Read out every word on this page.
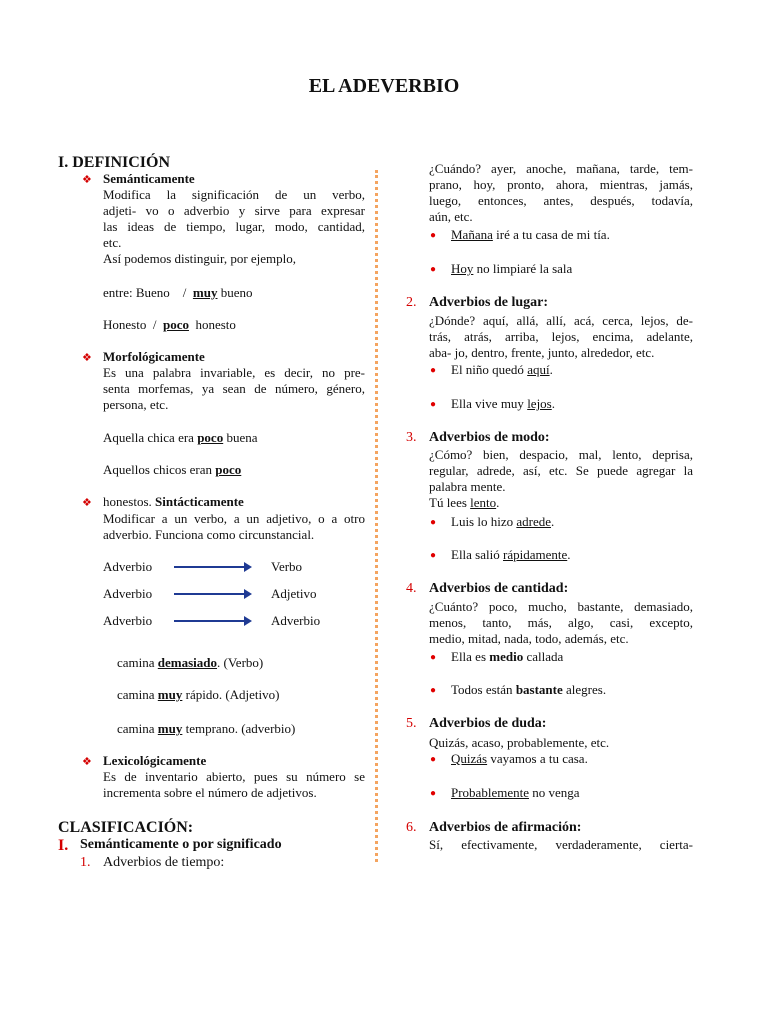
EL ADEVERBIO
I. DEFINICIÓN
❖ Semánticamente
Modifica la significación de un verbo,
adjeti- vo o adverbio y sirve para expresar
las ideas de tiempo, lugar, modo, cantidad,
etc.
Así podemos distinguir, por ejemplo,
entre: Bueno / muy bueno
Honesto / poco honesto
❖ Morfológicamente
Es una palabra invariable, es decir, no pre-
senta morfemas, ya sean de número, género,
persona, etc.
Aquella chica era poco buena
Aquellos chicos eran poco
❖ honestos. Sintácticamente
Modificar a un verbo, a un adjetivo, o a otro
adverbio. Funciona como circunstancial.
Adverbio	Verbo
Adverbio	Adjetivo
Adverbio	Adverbio
camina demasiado. (Verbo)
camina muy rápido. (Adjetivo)
camina muy temprano. (adverbio)
❖ Lexicológicamente
Es de inventario abierto, pues su número se
incrementa sobre el número de adjetivos.
CLASIFICACIÓN:
I. Semánticamente o por significado
1. Adverbios de tiempo:
¿Cuándo? ayer, anoche, mañana, tarde, tem-
prano, hoy, pronto, ahora, mientras, jamás,
luego, entonces, antes, después, todavía,
aún, etc.
● Mañana iré a tu casa de mi tía.
● Hoy no limpiaré la sala
2. Adverbios de lugar:
¿Dónde? aquí, allá, allí, acá, cerca, lejos, de-
trás, atrás, arriba, lejos, encima, adelante,
aba- jo, dentro, frente, junto, alrededor, etc.
● El niño quedó aquí.
● Ella vive muy lejos.
3. Adverbios de modo:
¿Cómo? bien, despacio, mal, lento, deprisa,
regular, adrede, así, etc. Se puede agregar la
palabra mente.
Tú lees lento.
● Luis lo hizo adrede.
● Ella salió rápidamente.
4. Adverbios de cantidad:
¿Cuánto? poco, mucho, bastante, demasiado,
menos, tanto, más, algo, casi, excepto,
medio, mitad, nada, todo, además, etc.
● Ella es medio callada
● Todos están bastante alegres.
5. Adverbios de duda:
Quizás, acaso, probablemente, etc.
● Quizás vayamos a tu casa.
● Probablemente no venga
6. Adverbios de afirmación:
Sí, efectivamente, verdaderamente, cierta-
